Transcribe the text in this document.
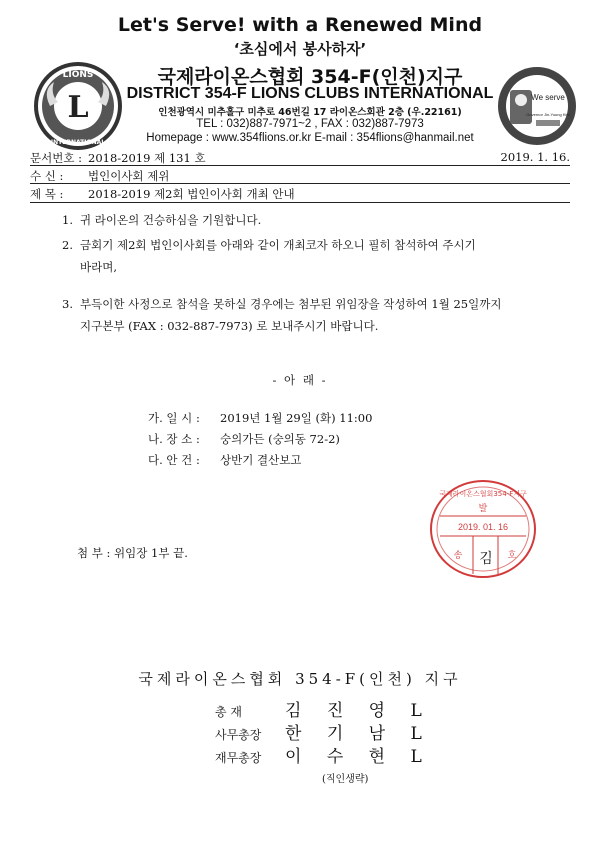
Let's Serve! with a Renewed Mind
‘초심에서 봉사하자’
L
LIONS
INTERNATIONAL
We serve
Governor Jin-Young Kim
국제라이온스협회 354-F(인천)지구
DISTRICT 354-F LIONS CLUBS INTERNATIONAL
인천광역시 미추홀구 미추로 46번길 17 라이온스회관 2층 (우.22161)
TEL : 032)887-7971~2 , FAX : 032)887-7973
Homepage : www.354flions.or.kr E-mail : 354flions@hanmail.net
문서번호 : 2018-2019 제 131 호	2019. 1. 16.
수 신 : 법인이사회 제위
제 목 : 2018-2019 제2회 법인이사회 개최 안내
1. 귀 라이온의 건승하심을 기원합니다.
2. 금회기 제2회 법인이사회를 아래와 같이 개최코자 하오니 필히 참석하여 주시기
바라며,
3. 부득이한 사정으로 참석을 못하실 경우에는 첨부된 위임장을 작성하여 1월 25일까지
지구본부 (FAX : 032-887-7973) 로 보내주시기 바랍니다.
- 아 래 -
가. 일 시 : 2019년 1월 29일 (화) 11:00
나. 장 소 : 숭의가든 (숭의동 72-2)
다. 안 건 : 상반기 결산보고
국제라이온스협회354-F지구
발
2019. 01. 16
송	호
김
첨 부 : 위임장 1부 끝.
국제라이온스협회 354-F(인천) 지구
총 재	김 진 영 L
사무총장 한 기 남 L
재무총장 이 수 현 L
(직인생략)
